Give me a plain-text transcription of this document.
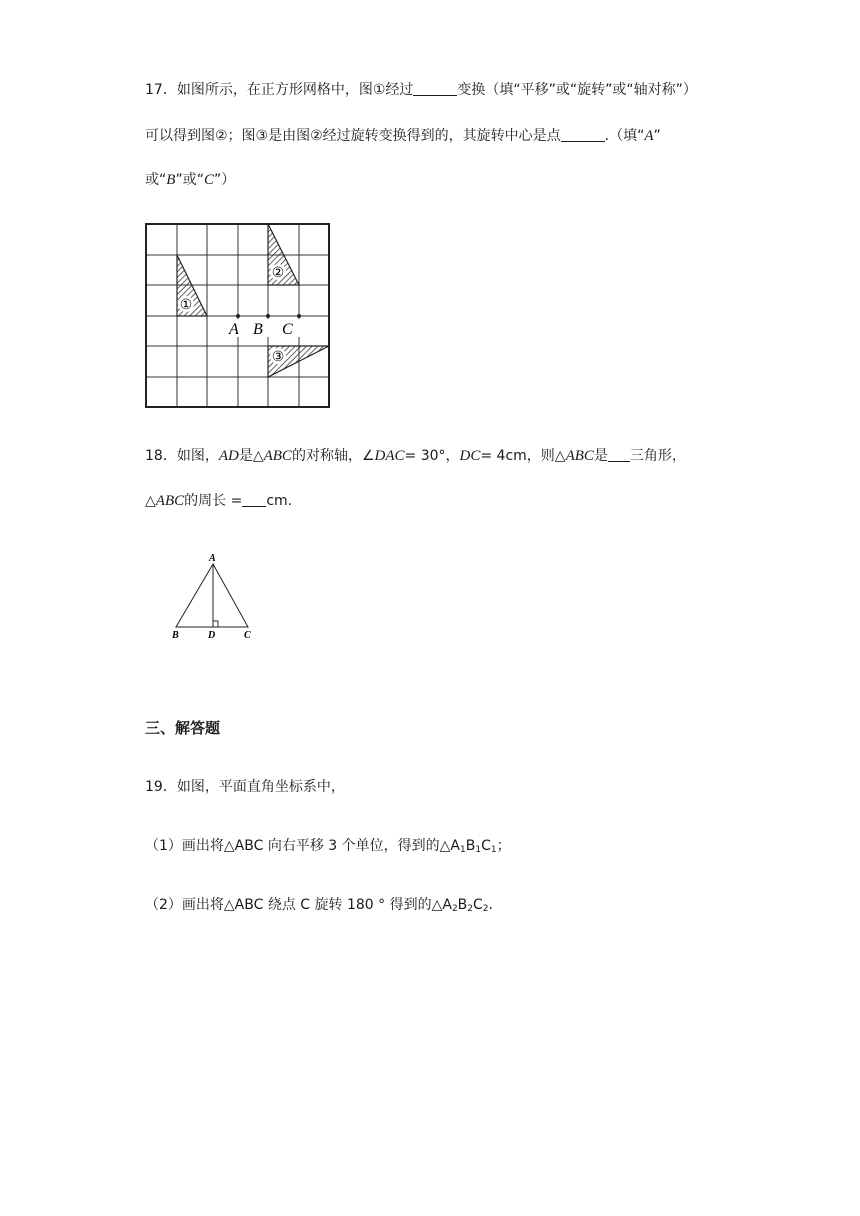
17．如图所示，在正方形网格中，图①经过	变换（填“平移”或“旋转”或“轴对称”）
可以得到图②；图③是由图②经过旋转变换得到的，其旋转中心是点	.（填“A”
或“B”或“C”）
①
②
③
A B C
18．如图，AD是△ABC的对称轴，∠DAC= 30°，DC= 4cm，则△ABC是 三角形，
△ABC的周长 = cm.
A
B	D	C
三、解答题
19．如图，平面直角坐标系中，
（1）画出将△ABC 向右平移 3 个单位，得到的$\triangle A_1B_1C_1$；
（2）画出将△ABC 绕点 C 旋转 180 ° 得到的$\triangle A_2B_2C_2$.
